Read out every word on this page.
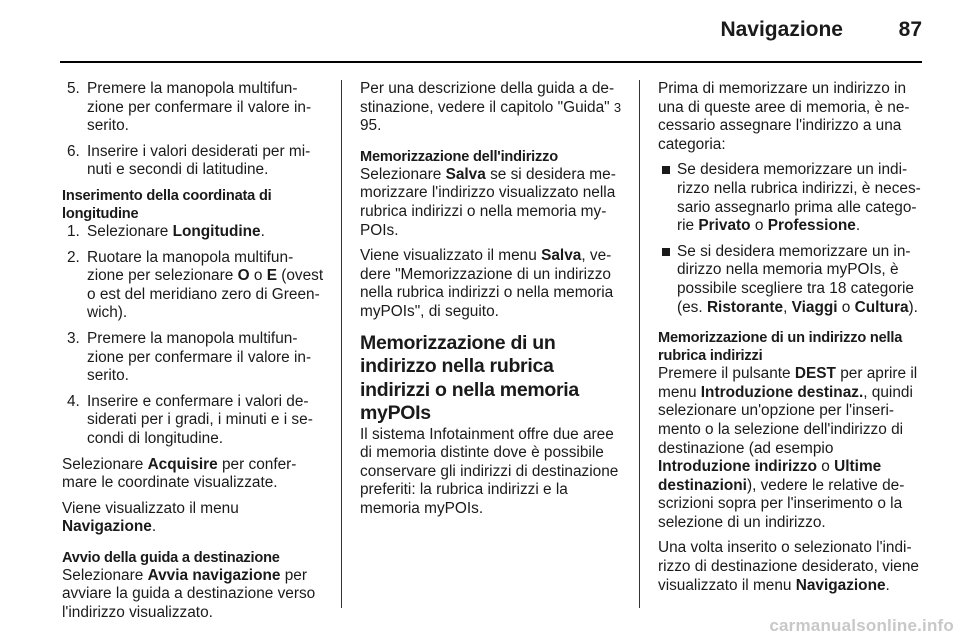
Navigazione	87
5. Premere la manopola multifunzione per confermare il valore inserito.
6. Inserire i valori desiderati per minuti e secondi di latitudine.
Inserimento della coordinata di longitudine
1. Selezionare Longitudine.
2. Ruotare la manopola multifunzione per selezionare O o E (ovest o est del meridiano zero di Greenwich).
3. Premere la manopola multifunzione per confermare il valore inserito.
4. Inserire e confermare i valori desiderati per i gradi, i minuti e i secondi di longitudine.

Selezionare Acquisire per confermare le coordinate visualizzate.

Viene visualizzato il menu Navigazione.

Avvio della guida a destinazione

Selezionare Avvia navigazione per avviare la guida a destinazione verso l'indirizzo visualizzato.

Per una descrizione della guida a destinazione, vedere il capitolo "Guida" 3 95.

Memorizzazione dell'indirizzo

Selezionare Salva se si desidera memorizzare l'indirizzo visualizzato nella rubrica indirizzi o nella memoria myPOIs.

Viene visualizzato il menu Salva, vedere "Memorizzazione di un indirizzo nella rubrica indirizzi o nella memoria myPOIs", di seguito.

Memorizzazione di un indirizzo nella rubrica indirizzi o nella memoria myPOIs

Il sistema Infotainment offre due aree di memoria distinte dove è possibile conservare gli indirizzi di destinazione preferiti: la rubrica indirizzi e la memoria myPOIs.

Prima di memorizzare un indirizzo in una di queste aree di memoria, è necessario assegnare l'indirizzo a una categoria:

Se desidera memorizzare un indirizzo nella rubrica indirizzi, è necessario assegnarlo prima alle categorie Privato o Professione.
Se si desidera memorizzare un indirizzo nella memoria myPOIs, è possibile scegliere tra 18 categorie (es. Ristorante, Viaggi o Cultura).
Memorizzazione di un indirizzo nella rubrica indirizzi

Premere il pulsante DEST per aprire il menu Introduzione destinaz., quindi selezionare un'opzione per l'inserimento o la selezione dell'indirizzo di destinazione (ad esempio Introduzione indirizzo o Ultime destinazioni), vedere le relative descrizioni sopra per l'inserimento o la selezione di un indirizzo.

Una volta inserito o selezionato l'indirizzo di destinazione desiderato, viene visualizzato il menu Navigazione.

carmanualsonline.info
